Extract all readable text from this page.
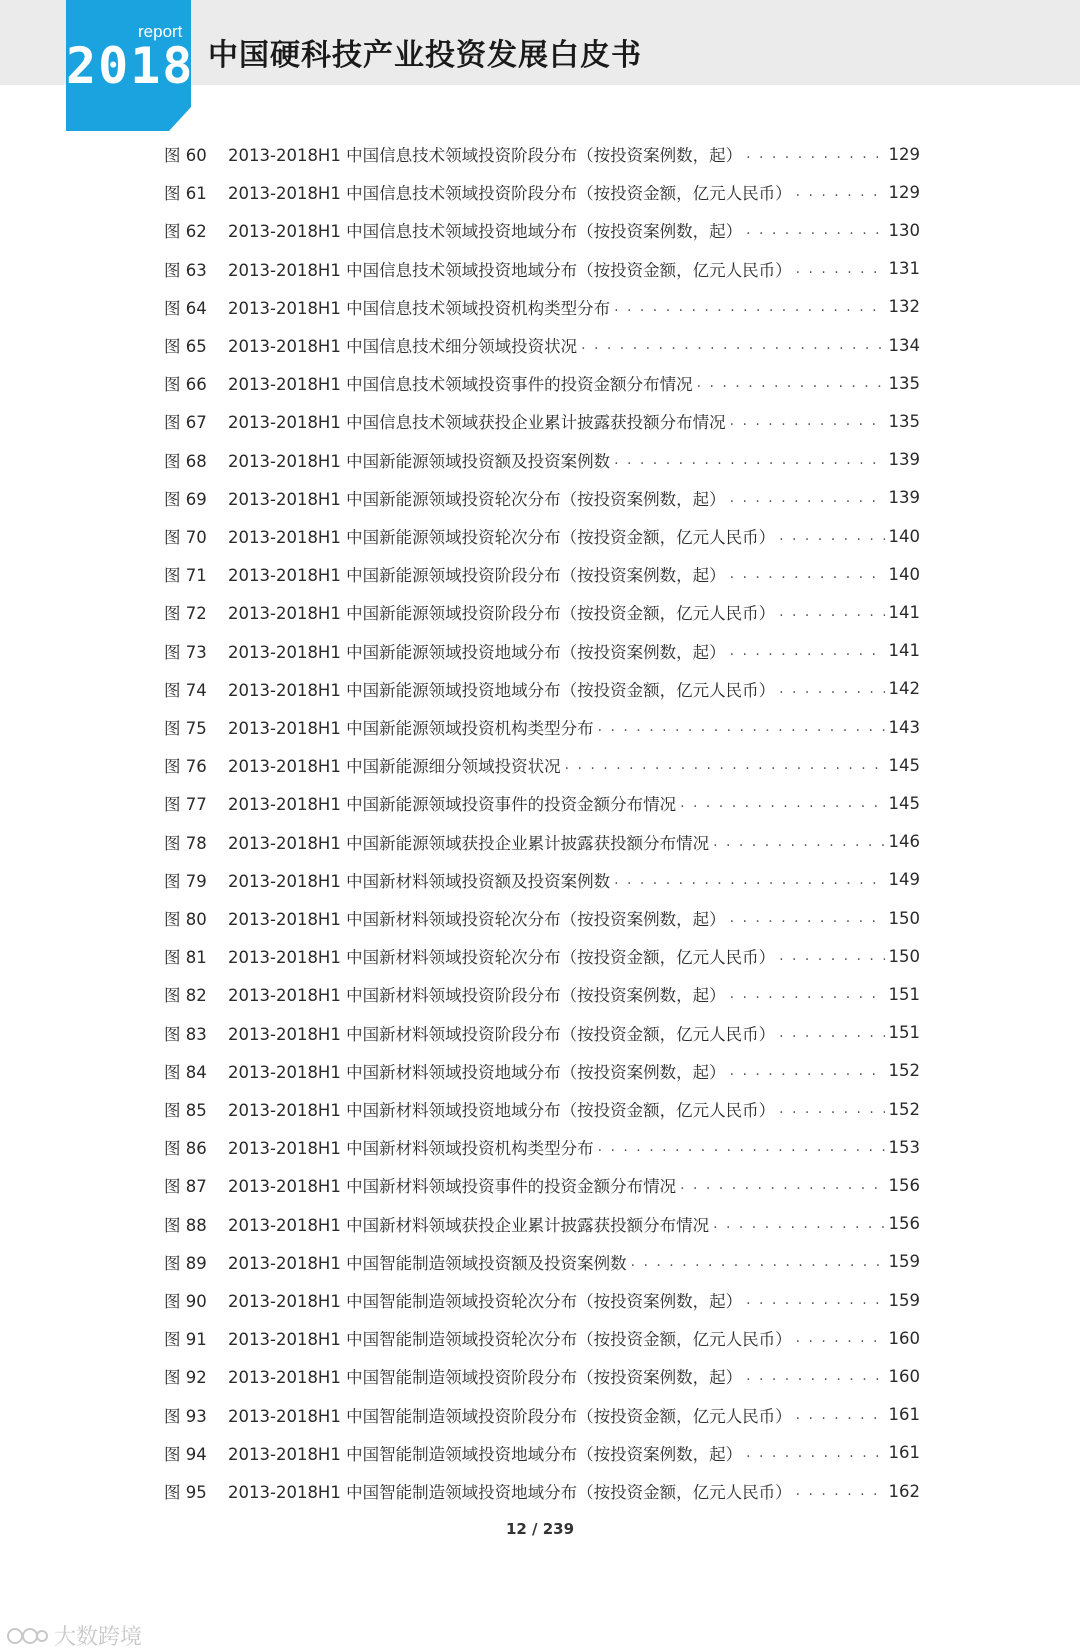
report
2018 中国硬科技产业投资发展白皮书
图 60	2013-2018H1 中国信息技术领域投资阶段分布（按投资案例数，起） . . .	129
图 61	2013-2018H1 中国信息技术领域投资阶段分布（按投资金额，亿元人民币） . . .	129
图 62	2013-2018H1 中国信息技术领域投资地域分布（按投资案例数，起） . . .	130
图 63	2013-2018H1 中国信息技术领域投资地域分布（按投资金额，亿元人民币） . . .	131
图 64	2013-2018H1 中国信息技术领域投资机构类型分布 . . .	132
图 65	2013-2018H1 中国信息技术细分领域投资状况 . . .	134
图 66	2013-2018H1 中国信息技术领域投资事件的投资金额分布情况 . . .	135
图 67	2013-2018H1 中国信息技术领域获投企业累计披露获投额分布情况 . . .	135
图 68	2013-2018H1 中国新能源领域投资额及投资案例数 . . .	139
图 69	2013-2018H1 中国新能源领域投资轮次分布（按投资案例数，起） . . .	139
图 70	2013-2018H1 中国新能源领域投资轮次分布（按投资金额，亿元人民币） . . .	140
图 71	2013-2018H1 中国新能源领域投资阶段分布（按投资案例数，起） . . .	140
图 72	2013-2018H1 中国新能源领域投资阶段分布（按投资金额，亿元人民币） . . .	141
图 73	2013-2018H1 中国新能源领域投资地域分布（按投资案例数，起） . . .	141
图 74	2013-2018H1 中国新能源领域投资地域分布（按投资金额，亿元人民币） . . .	142
图 75	2013-2018H1 中国新能源领域投资机构类型分布 . . .	143
图 76	2013-2018H1 中国新能源细分领域投资状况 . . .	145
图 77	2013-2018H1 中国新能源领域投资事件的投资金额分布情况 . . .	145
图 78	2013-2018H1 中国新能源领域获投企业累计披露获投额分布情况 . . .	146
图 79	2013-2018H1 中国新材料领域投资额及投资案例数 . . .	149
图 80	2013-2018H1 中国新材料领域投资轮次分布（按投资案例数，起） . . .	150
图 81	2013-2018H1 中国新材料领域投资轮次分布（按投资金额，亿元人民币） . . .	150
图 82	2013-2018H1 中国新材料领域投资阶段分布（按投资案例数，起） . . .	151
图 83	2013-2018H1 中国新材料领域投资阶段分布（按投资金额，亿元人民币） . . .	151
图 84	2013-2018H1 中国新材料领域投资地域分布（按投资案例数，起） . . .	152
图 85	2013-2018H1 中国新材料领域投资地域分布（按投资金额，亿元人民币） . . .	152
图 86	2013-2018H1 中国新材料领域投资机构类型分布 . . .	153
图 87	2013-2018H1 中国新材料领域投资事件的投资金额分布情况 . . .	156
图 88	2013-2018H1 中国新材料领域获投企业累计披露获投额分布情况 . . .	156
图 89	2013-2018H1 中国智能制造领域投资额及投资案例数 . . .	159
图 90	2013-2018H1 中国智能制造领域投资轮次分布（按投资案例数，起） . . .	159
图 91	2013-2018H1 中国智能制造领域投资轮次分布（按投资金额，亿元人民币） . . .	160
图 92	2013-2018H1 中国智能制造领域投资阶段分布（按投资案例数，起） . . .	160
图 93	2013-2018H1 中国智能制造领域投资阶段分布（按投资金额，亿元人民币） . . .	161
图 94	2013-2018H1 中国智能制造领域投资地域分布（按投资案例数，起） . . .	161
图 95	2013-2018H1 中国智能制造领域投资地域分布（按投资金额，亿元人民币） . . .	162
12 / 239
大数跨境
